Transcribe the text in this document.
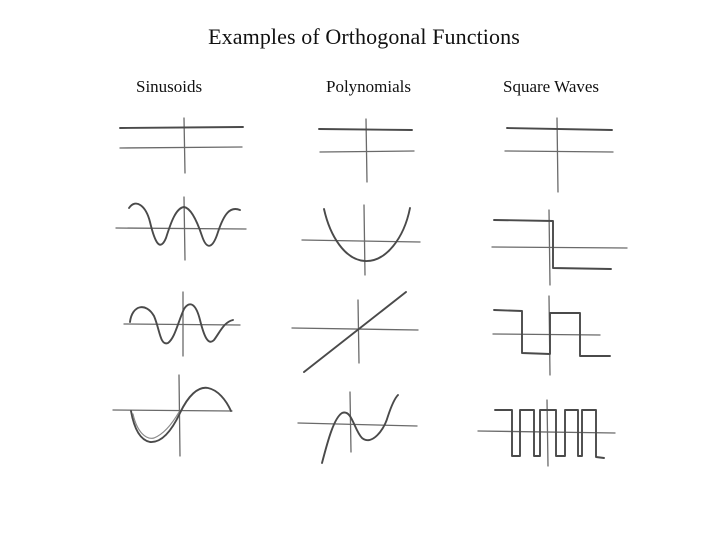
Examples of Orthogonal Functions
Sinusoids	Polynomials	Square Waves
